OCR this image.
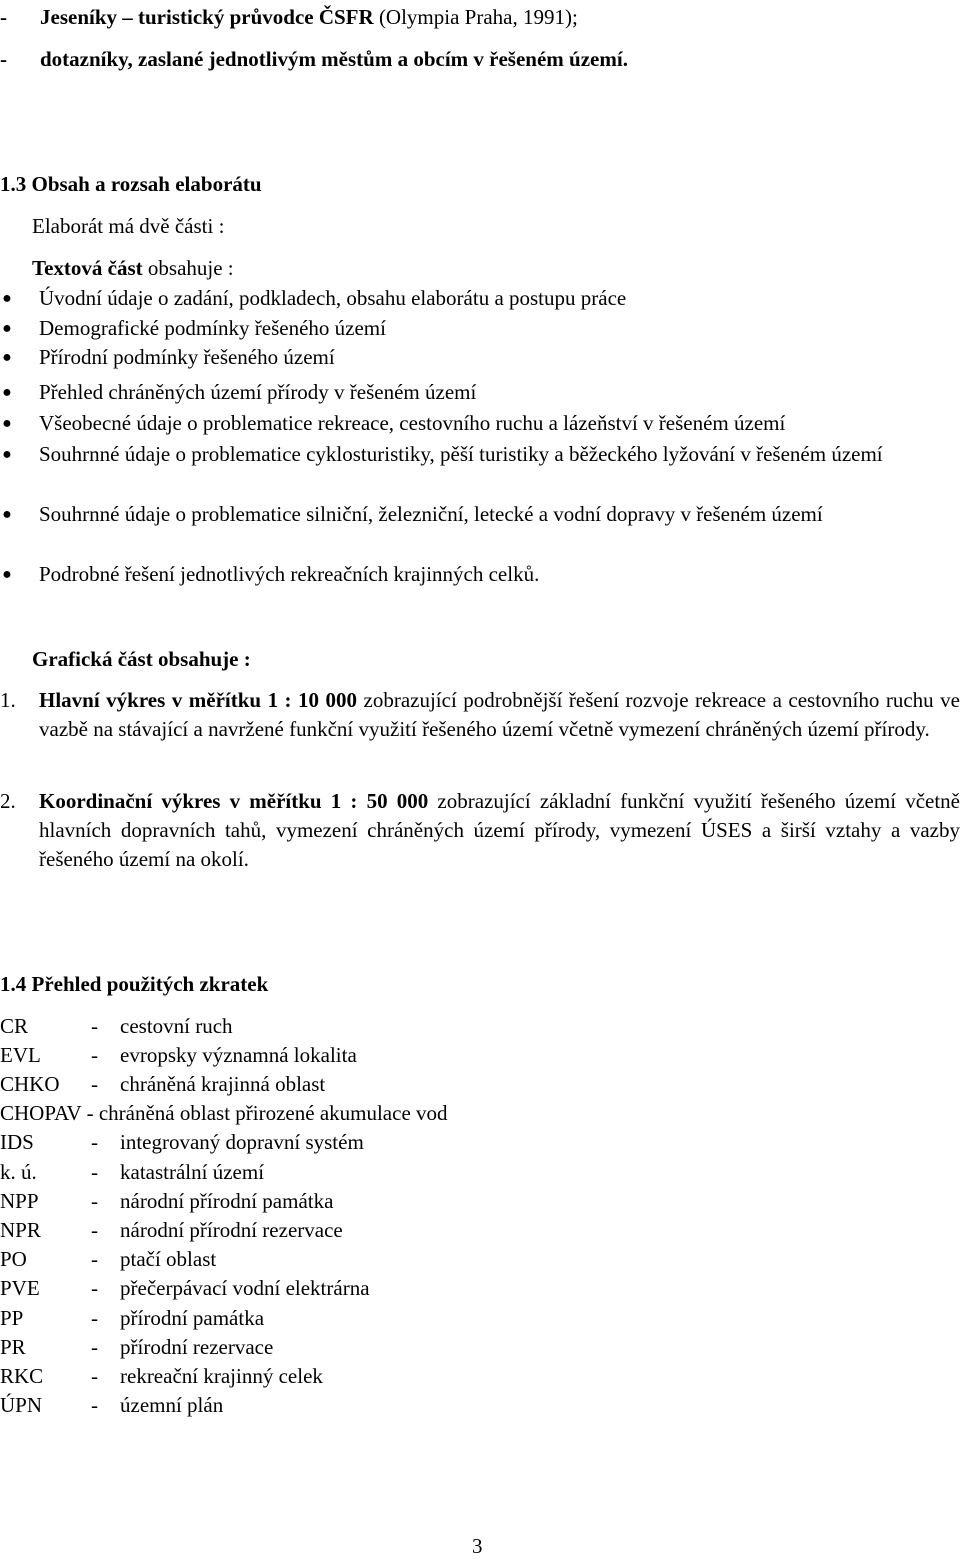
- Jeseníky – turistický průvodce ČSFR (Olympia Praha, 1991);
- dotazníky, zaslané jednotlivým městům a obcím v řešeném území.
1.3 Obsah a rozsah elaborátu
Elaborát má dvě části :
Textová část obsahuje :
● Úvodní údaje o zadání, podkladech, obsahu elaborátu a postupu práce
● Demografické podmínky řešeného území
● Přírodní podmínky řešeného území
● Přehled chráněných území přírody v řešeném území
● Všeobecné údaje o problematice rekreace, cestovního ruchu a lázeňství v řešeném území
● Souhrnné údaje o problematice cyklosturistiky, pěší turistiky a běžeckého lyžování v řešeném území
● Souhrnné údaje o problematice silniční, železniční, letecké a vodní dopravy v řešeném území
● Podrobné řešení jednotlivých rekreačních krajinných celků.
Grafická část obsahuje :
1. Hlavní výkres v měřítku 1 : 10 000 zobrazující podrobnější řešení rozvoje rekreace a cestovního ruchu ve vazbě na stávající a navržené funkční využití řešeného území včetně vymezení chráněných území přírody.
2. Koordinační výkres v měřítku 1 : 50 000 zobrazující základní funkční využití řešeného území včetně hlavních dopravních tahů, vymezení chráněných území přírody, vymezení ÚSES a širší vztahy a vazby řešeného území na okolí.
1.4 Přehled použitých zkratek
CR	- cestovní ruch
EVL - evropsky významná lokalita
CHKO - chráněná krajinná oblast
CHOPAV - chráněná oblast přirozené akumulace vod
IDS	- integrovaný dopravní systém
k. ú.	- katastrální území
NPP - národní přírodní památka
NPR - národní přírodní rezervace
PO	- ptačí oblast
PVE - přečerpávací vodní elektrárna
PP	- přírodní památka
PR	- přírodní rezervace
RKC - rekreační krajinný celek
ÚPN - územní plán
3
